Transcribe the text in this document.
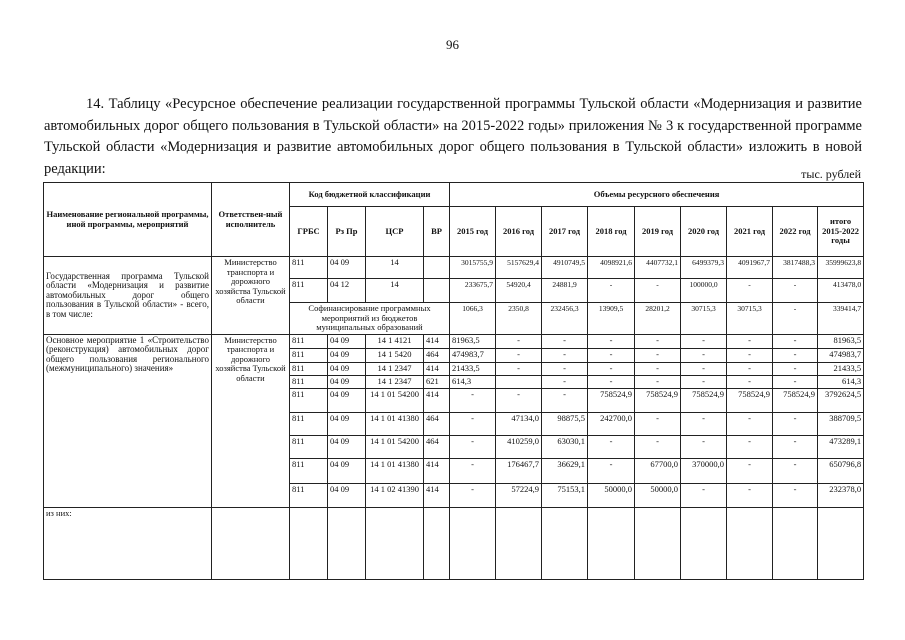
96

14. Таблицу «Ресурсное обеспечение реализации государственной программы Тульской области «Модернизация и развитие автомобильных дорог общего пользования в Тульской области» на 2015-2022 годы» приложения № 3 к государственной программе Тульской области «Модернизация и развитие автомобильных дорог общего пользования в Тульской области» изложить в новой редакции:	тыс. рублей
Наименование региональной программы, иной программы, мероприятий	Ответствен-ный исполнитель	Код бюджетной классификации				Объемы ресурсного обеспечения								
		ГРБС	Рз Пр	ЦСР	ВР	2015 год	2016 год	2017 год	2018 год	2019 год	2020 год	2021 год	2022 год	итого 2015-2022 годы
Государственная программа Тульской области «Модернизация и развитие автомобильных дорог общего пользования в Тульской области» - всего, в том числе:	Министерство транспорта и дорожного хозяйства Тульской области	811	04 09	14		3015755,9	5157629,4	4910749,5	4098921,6	4407732,1	6499379,3	4091967,7	3817488,3	35999623,8
		811	04 12	14		233675,7	54920,4	24881,9	-	-	100000,0	-	-	413478,0
		Софинансирование программных мероприятий из бюджетов муниципальных образований				1066,3	2350,8	232456,3	13909,5	28201,2	30715,3	30715,3	-	339414,7
Основное мероприятие 1 «Строительство (реконструкция) автомобильных дорог общего пользования регионального (межмуниципального) значения»	Министерство транспорта и дорожного хозяйства Тульской области	811	04 09	14 1 4121	414	81963,5	-	-	-	-	-	-	-	81963,5
		811	04 09	14 1 5420	464	474983,7	-	-	-	-	-	-	-	474983,7
		811	04 09	14 1 2347	414	21433,5	-	-	-	-	-	-	-	21433,5
		811	04 09	14 1 2347	621	614,3		-	-	-	-	-	-	614,3
		811	04 09	14 1 01 54200	414	-	-	-	758524,9	758524,9	758524,9	758524,9	758524,9	3792624,5
		811	04 09	14 1 01 41380	464	-	47134,0	98875,5	242700,0	-	-	-	-	388709,5
		811	04 09	14 1 01 54200	464	-	410259,0	63030,1	-	-	-	-	-	473289,1
		811	04 09	14 1 01 41380	414	-	176467,7	36629,1	-	67700,0	370000,0	-	-	650796,8
		811	04 09	14 1 02 41390	414	-	57224,9	75153,1	50000,0	50000,0	-	-	-	232378,0
из них:														
